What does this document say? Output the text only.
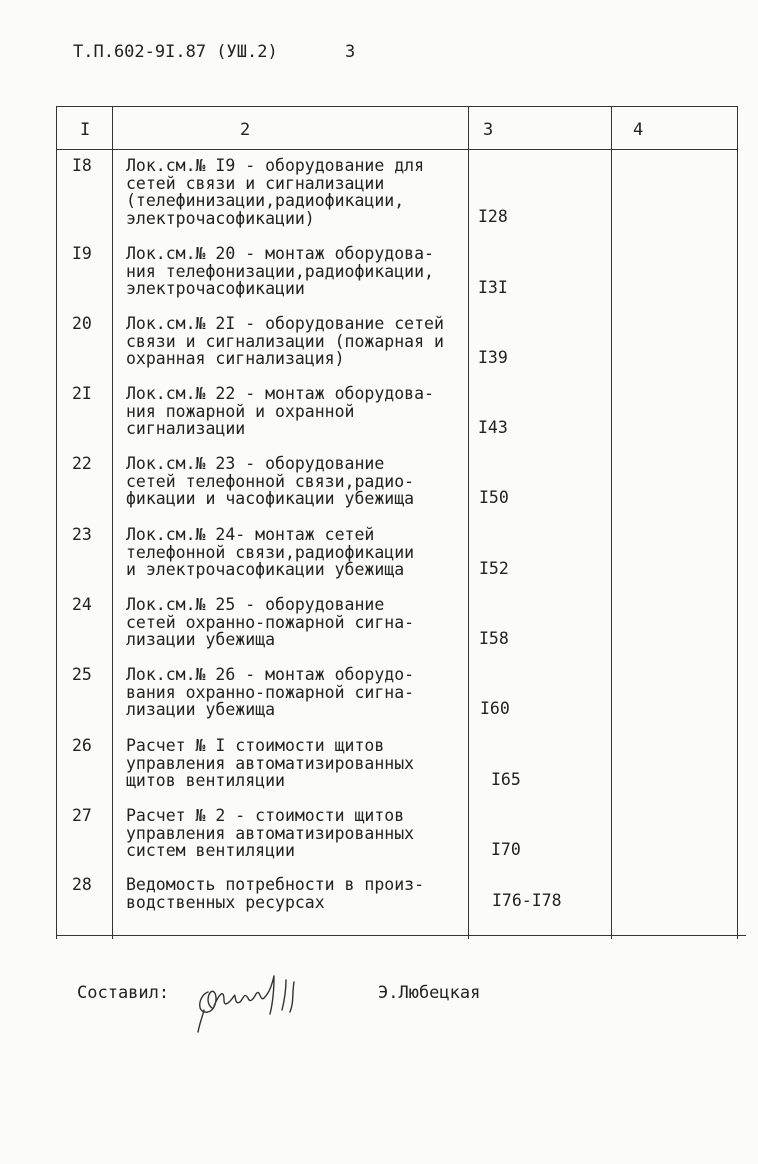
Т.П.602-9I.87 (УШ.2)	3
I	2	3	4
I8 Лок.см.№ I9 - оборудование для
сетей связи и сигнализации
(телефинизации,радиофикации,
электрочасофикации)	I28
I9 Лок.см.№ 20 - монтаж оборудова-
ния телефонизации,радиофикации,
электрочасофикации	I3I
20 Лок.см.№ 2I - оборудование сетей
связи и сигнализации (пожарная и
охранная сигнализация)	I39
2I Лок.см.№ 22 - монтаж оборудова-
ния пожарной и охранной
сигнализации	I43
22 Лок.см.№ 23 - оборудование
сетей телефонной связи,радио-
фикации и часофикации убежища	I50
23 Лок.см.№ 24- монтаж сетей
телефонной связи,радиофикации
и электрочасофикации убежища	I52
24 Лок.см.№ 25 - оборудование
сетей охранно-пожарной сигна-
лизации убежища	I58
25 Лок.см.№ 26 - монтаж оборудо-
вания охранно-пожарной сигна-
лизации убежища	I60
26 Расчет № I стоимости щитов
управления автоматизированных
щитов вентиляции	I65
27 Расчет № 2 - стоимости щитов
управления автоматизированных
систем вентиляции	I70
28 Ведомость потребности в произ-
водственных ресурсах	I76-I78
Составил:	Э.Любецкая
